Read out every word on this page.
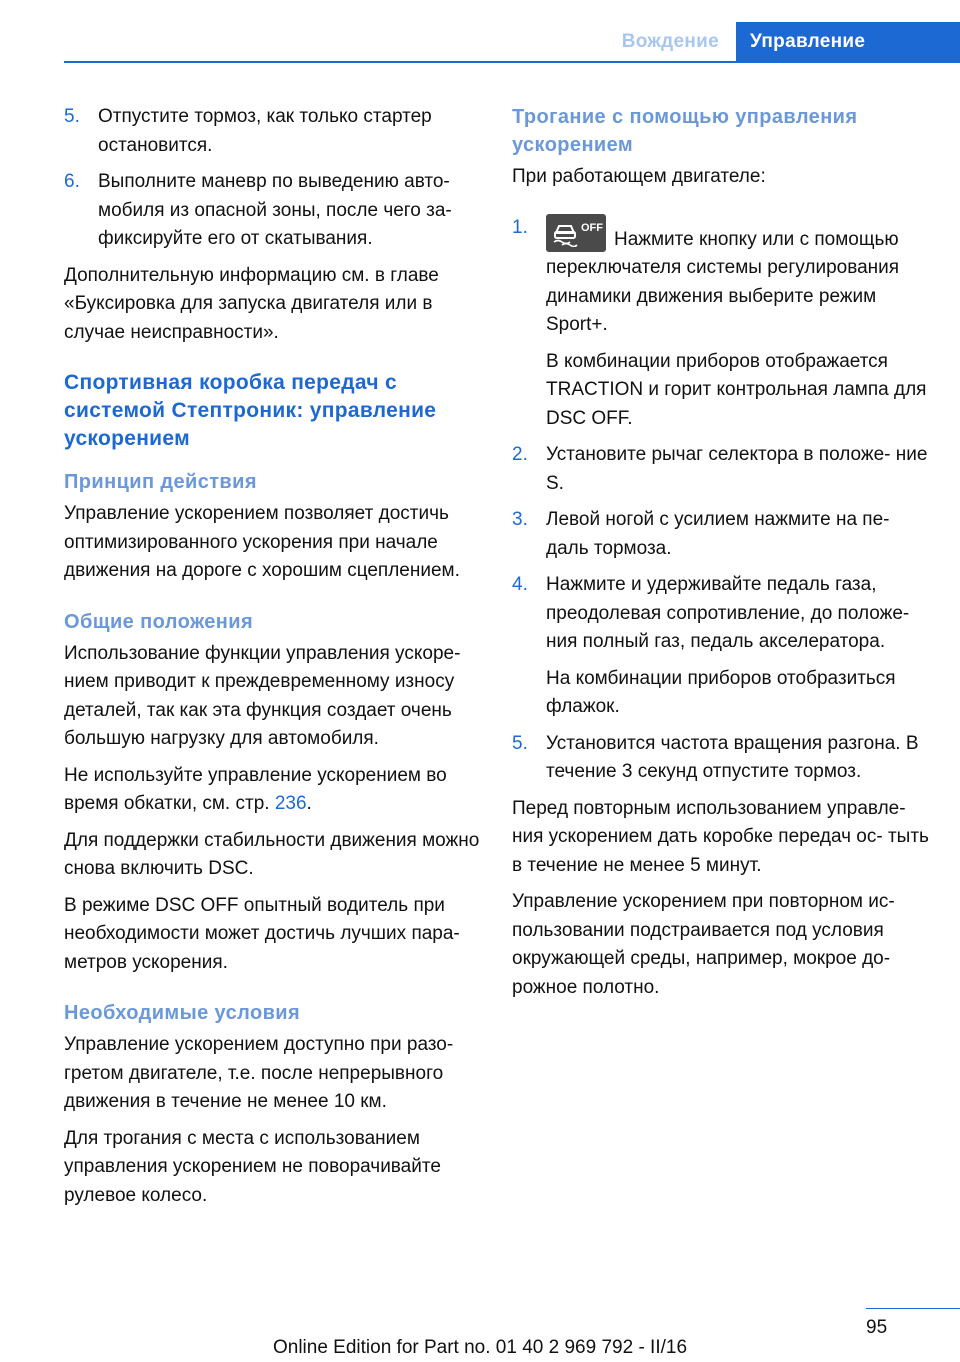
Вождение	Управление
5. Отпустите тормоз, как только стартер остановится.
6. Выполните маневр по выведению авто- мобиля из опасной зоны, после чего за- фиксируйте его от скатывания.

Дополнительную информацию см. в главе «Буксировка для запуска двигателя или в случае неисправности».

Спортивная коробка передач с системой Стептроник: управление ускорением
Принцип действия

Управление ускорением позволяет достичь оптимизированного ускорения при начале движения на дороге с хорошим сцеплением.

Общие положения

Использование функции управления ускоре- нием приводит к преждевременному износу деталей, так как эта функция создает очень большую нагрузку для автомобиля.

Не используйте управление ускорением во время обкатки, см. стр. 236.

Для поддержки стабильности движения можно снова включить DSC.

В режиме DSC OFF опытный водитель при необходимости может достичь лучших пара- метров ускорения.

Необходимые условия

Управление ускорением доступно при разо- гретом двигателе, т.е. после непрерывного движения в течение не менее 10 км.

Для трогания с места с использованием управления ускорением не поворачивайте рулевое колесо.

Трогание с помощью управления ускорением

При работающем двигателе:

1.	OFF
Нажмите кнопку или с помощью переключателя системы регулирования динамики движения выберите режим Sport+.
В комбинации приборов отображается TRACTION и горит контрольная лампа для DSC OFF.
2. Установите рычаг селектора в положе- ние S.
3. Левой ногой с усилием нажмите на пе- даль тормоза.
4. Нажмите и удерживайте педаль газа, преодолевая сопротивление, до положе- ния полный газ, педаль акселератора.
На комбинации приборов отобразиться флажок.
5. Установится частота вращения разгона. В течение 3 секунд отпустите тормоз.

Перед повторным использованием управле- ния ускорением дать коробке передач ос- тыть в течение не менее 5 минут.

Управление ускорением при повторном ис- пользовании подстраивается под условия окружающей среды, например, мокрое до- рожное полотно.

95
Online Edition for Part no. 01 40 2 969 792 - II/16
